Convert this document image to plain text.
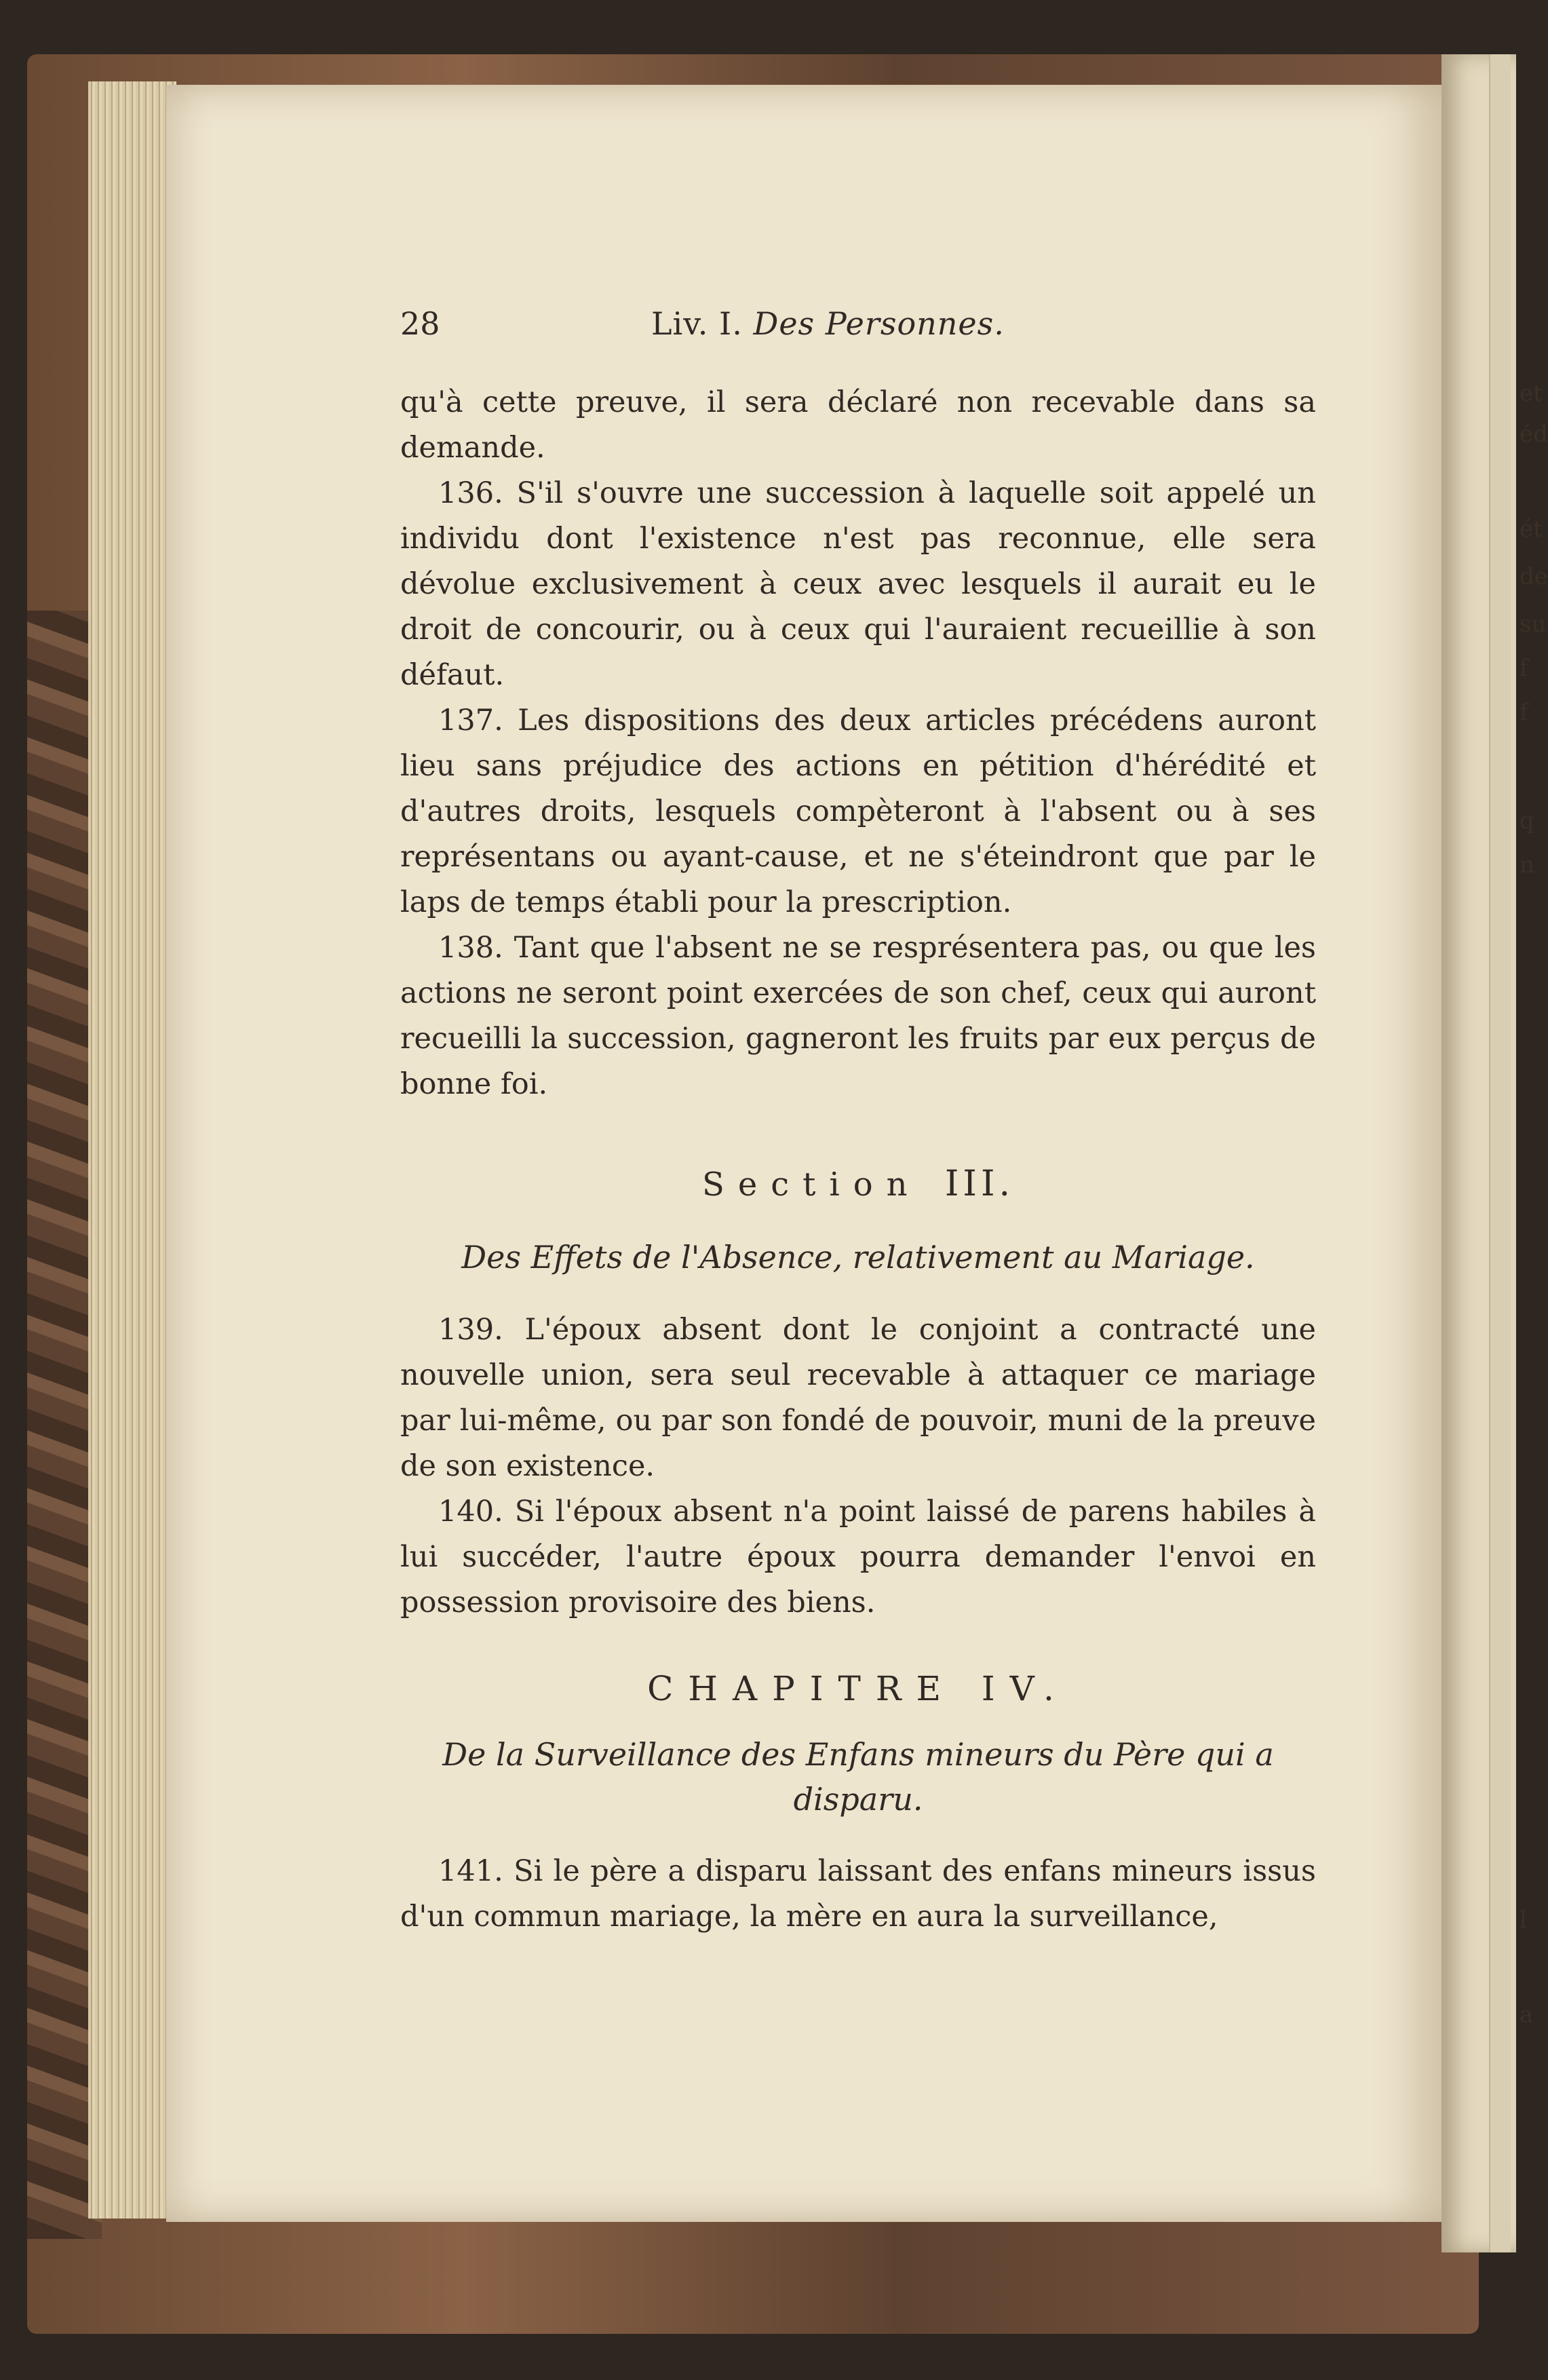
et
éd
ét
de
su
f
f
q
n
l
a
28	Liv. I. Des Personnes.

qu'à cette preuve, il sera déclaré non recevable dans sa demande.

136. S'il s'ouvre une succession à laquelle soit appelé un individu dont l'existence n'est pas reconnue, elle sera dévolue exclusivement à ceux avec lesquels il aurait eu le droit de concourir, ou à ceux qui l'auraient recueillie à son défaut.

137. Les dispositions des deux articles précédens auront lieu sans préjudice des actions en pétition d'hérédité et d'autres droits, lesquels compèteront à l'absent ou à ses représentans ou ayant-cause, et ne s'éteindront que par le laps de temps établi pour la prescription.

138. Tant que l'absent ne se resprésentera pas, ou que les actions ne seront point exercées de son chef, ceux qui auront recueilli la succession, gagneront les fruits par eux perçus de bonne foi.

Section III.
Des Effets de l'Absence, relativement au Mariage.

139. L'époux absent dont le conjoint a contracté une nouvelle union, sera seul recevable à attaquer ce mariage par lui-même, ou par son fondé de pouvoir, muni de la preuve de son existence.

140. Si l'époux absent n'a point laissé de parens habiles à lui succéder, l'autre époux pourra demander l'envoi en possession provisoire des biens.

CHAPITRE IV.
De la Surveillance des Enfans mineurs du Père qui a disparu.

141. Si le père a disparu laissant des enfans mineurs issus d'un commun mariage, la mère en aura la surveillance,
